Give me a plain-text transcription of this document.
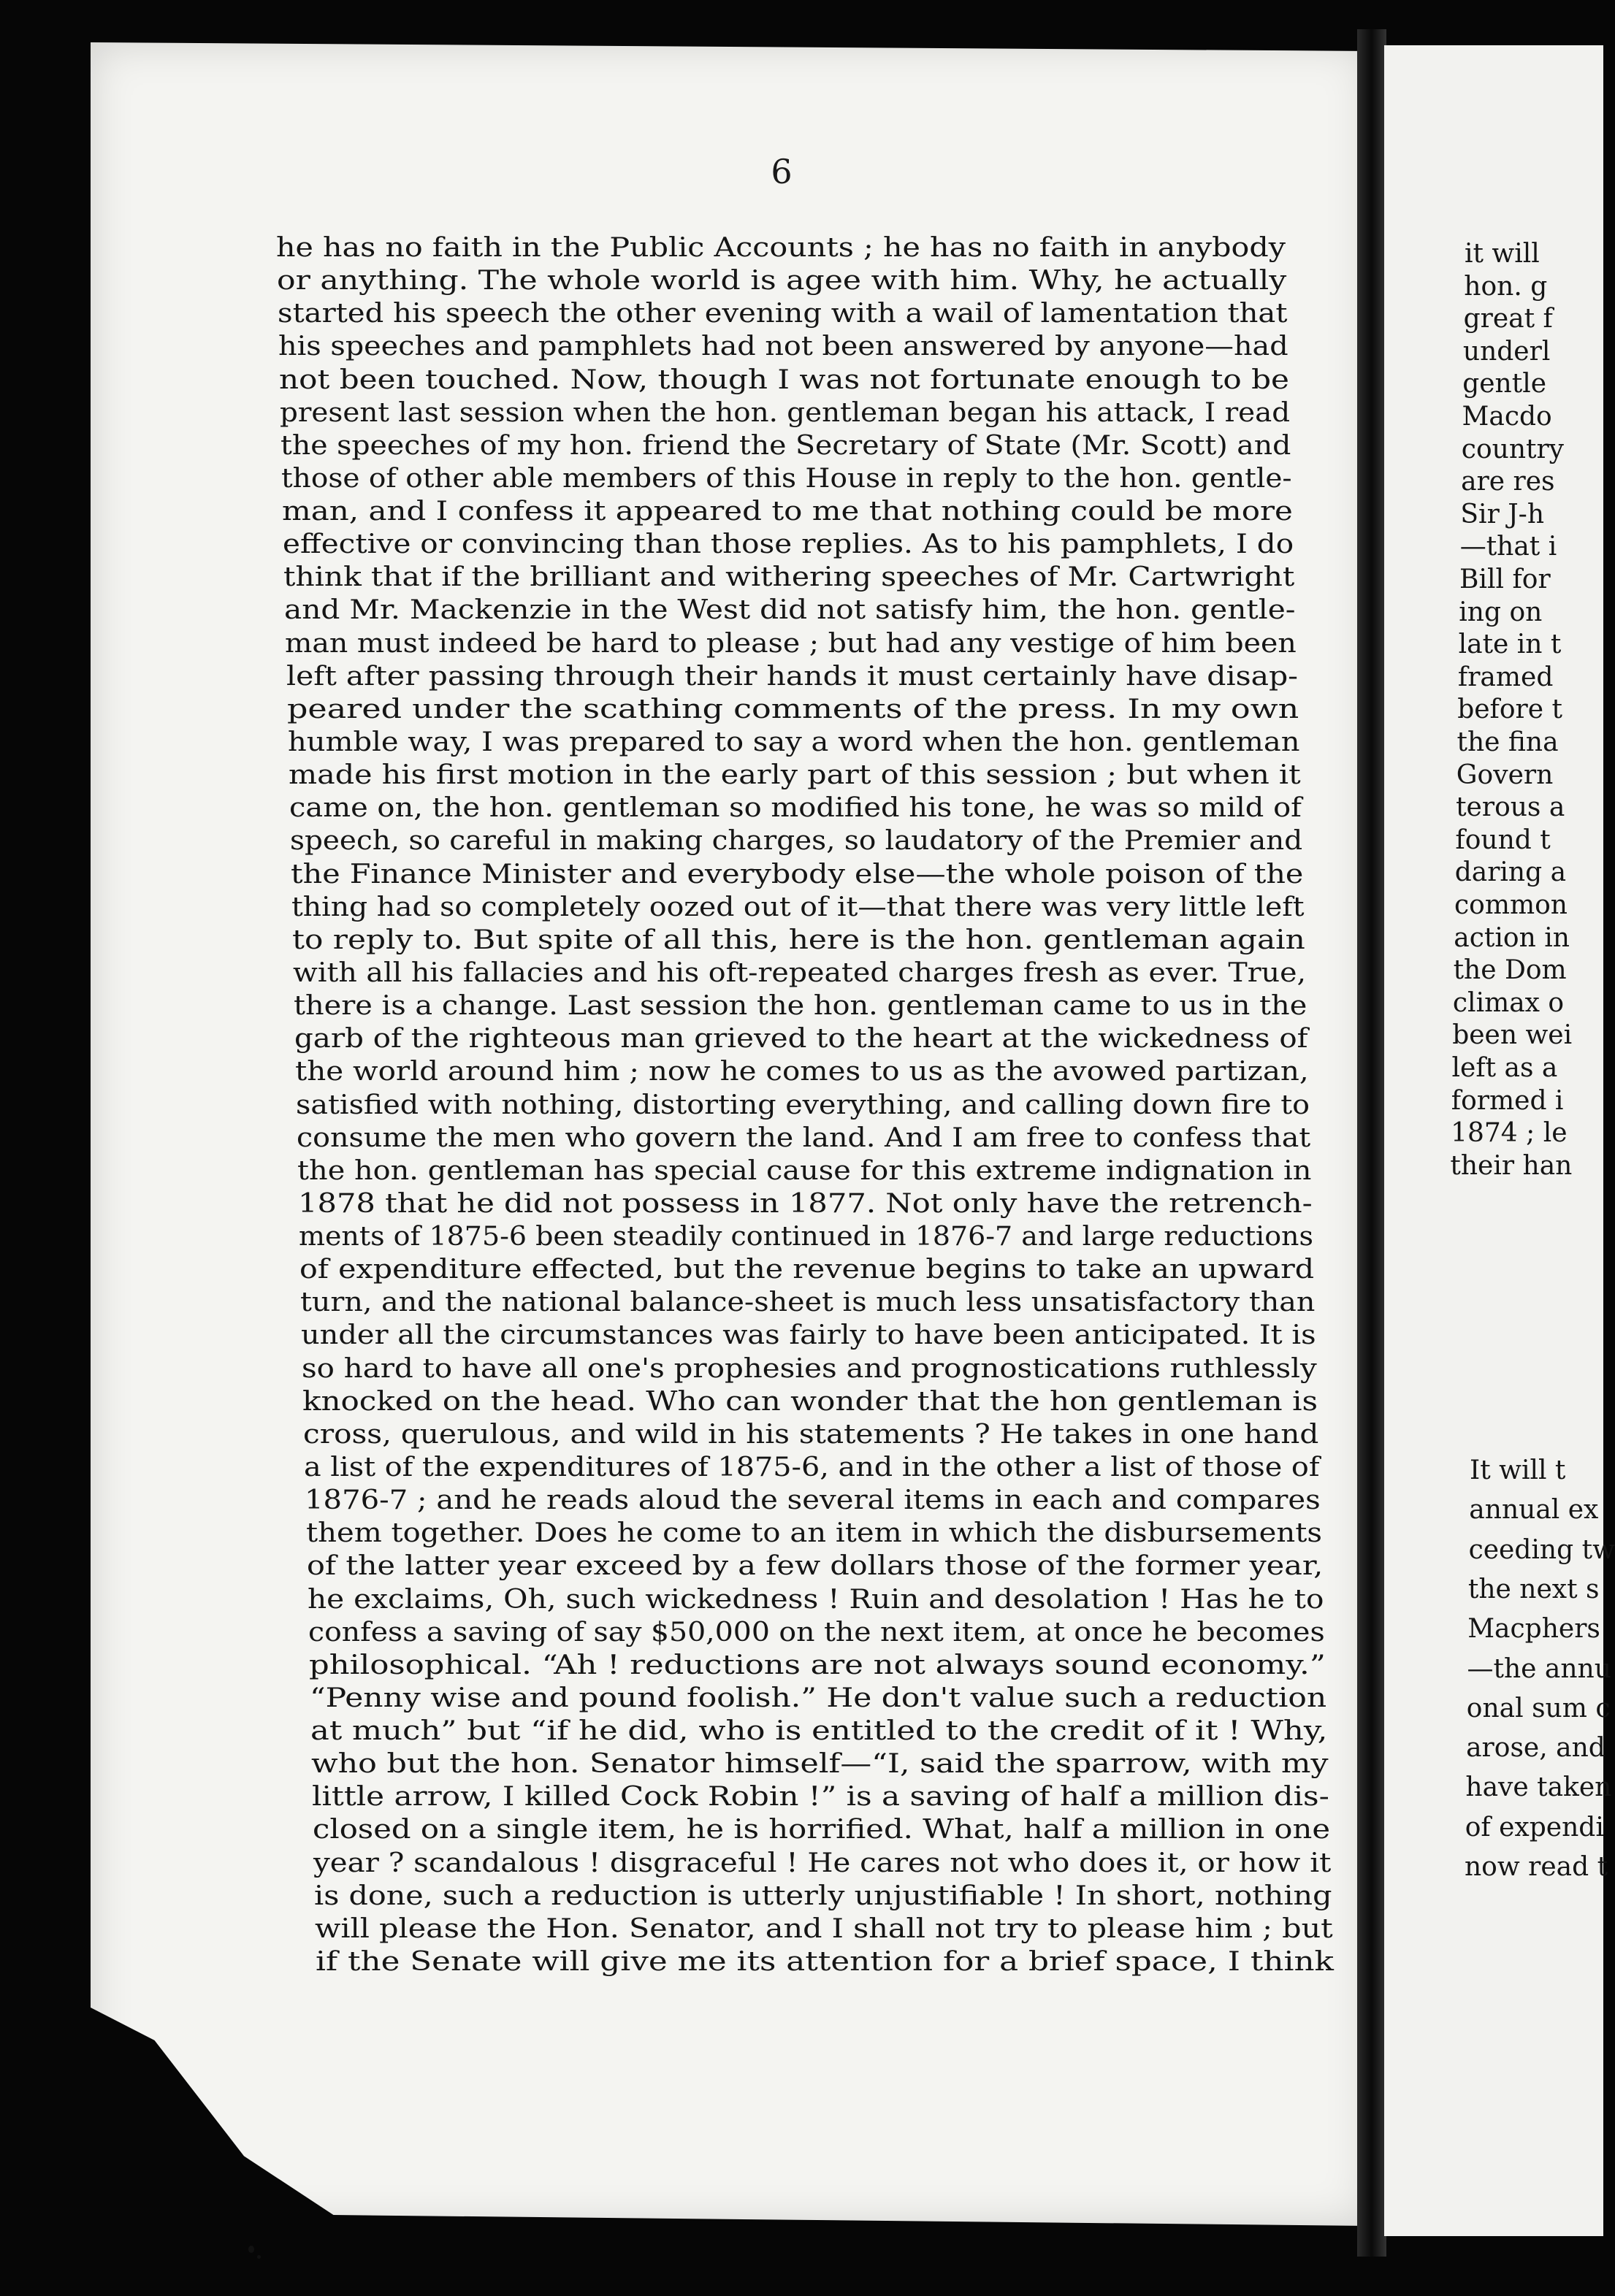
6
he has no faith in the Public Accounts ; he has no faith in anybody
or anything. The whole world is agee with him. Why, he actually
started his speech the other evening with a wail of lamentation that
his speeches and pamphlets had not been answered by anyone—had
not been touched. Now, though I was not fortunate enough to be
present last session when the hon. gentleman began his attack, I read
the speeches of my hon. friend the Secretary of State (Mr. Scott) and
those of other able members of this House in reply to the hon. gentle-
man, and I confess it appeared to me that nothing could be more
effective or convincing than those replies. As to his pamphlets, I do
think that if the brilliant and withering speeches of Mr. Cartwright
and Mr. Mackenzie in the West did not satisfy him, the hon. gentle-
man must indeed be hard to please ; but had any vestige of him been
left after passing through their hands it must certainly have disap-
peared under the scathing comments of the press. In my own
humble way, I was prepared to say a word when the hon. gentleman
made his first motion in the early part of this session ; but when it
came on, the hon. gentleman so modified his tone, he was so mild of
speech, so careful in making charges, so laudatory of the Premier and
the Finance Minister and everybody else—the whole poison of the
thing had so completely oozed out of it—that there was very little left
to reply to. But spite of all this, here is the hon. gentleman again
with all his fallacies and his oft-repeated charges fresh as ever. True,
there is a change. Last session the hon. gentleman came to us in the
garb of the righteous man grieved to the heart at the wickedness of
the world around him ; now he comes to us as the avowed partizan,
satisfied with nothing, distorting everything, and calling down fire to
consume the men who govern the land. And I am free to confess that
the hon. gentleman has special cause for this extreme indignation in
1878 that he did not possess in 1877. Not only have the retrench-
ments of 1875-6 been steadily continued in 1876-7 and large reductions
of expenditure effected, but the revenue begins to take an upward
turn, and the national balance-sheet is much less unsatisfactory than
under all the circumstances was fairly to have been anticipated. It is
so hard to have all one's prophesies and prognostications ruthlessly
knocked on the head. Who can wonder that the hon gentleman is
cross, querulous, and wild in his statements ? He takes in one hand
a list of the expenditures of 1875-6, and in the other a list of those of
1876-7 ; and he reads aloud the several items in each and compares
them together. Does he come to an item in which the disbursements
of the latter year exceed by a few dollars those of the former year,
he exclaims, Oh, such wickedness ! Ruin and desolation ! Has he to
confess a saving of say $50,000 on the next item, at once he becomes
philosophical. “Ah ! reductions are not always sound economy.”
“Penny wise and pound foolish.” He don't value such a reduction
at much” but “if he did, who is entitled to the credit of it ! Why,
who but the hon. Senator himself—“I, said the sparrow, with my
little arrow, I killed Cock Robin !” is a saving of half a million dis-
closed on a single item, he is horrified. What, half a million in one
year ? scandalous ! disgraceful ! He cares not who does it, or how it
is done, such a reduction is utterly unjustifiable ! In short, nothing
will please the Hon. Senator, and I shall not try to please him ; but
if the Senate will give me its attention for a brief space, I think
it will
hon. g
great f
underl
gentle
Macdo
country
are res
Sir J-h
—that i
Bill for
ing on
late in t
framed
before t
the fina
Govern
terous a
found t
daring a
common
action in
the Dom
climax o
been wei
left as a
formed i
1874 ; le
their han
It will t
annual ex
ceeding tw
the next s
Macphers
—the annu
onal sum c
arose, and
have taken
of expendi
now read t
